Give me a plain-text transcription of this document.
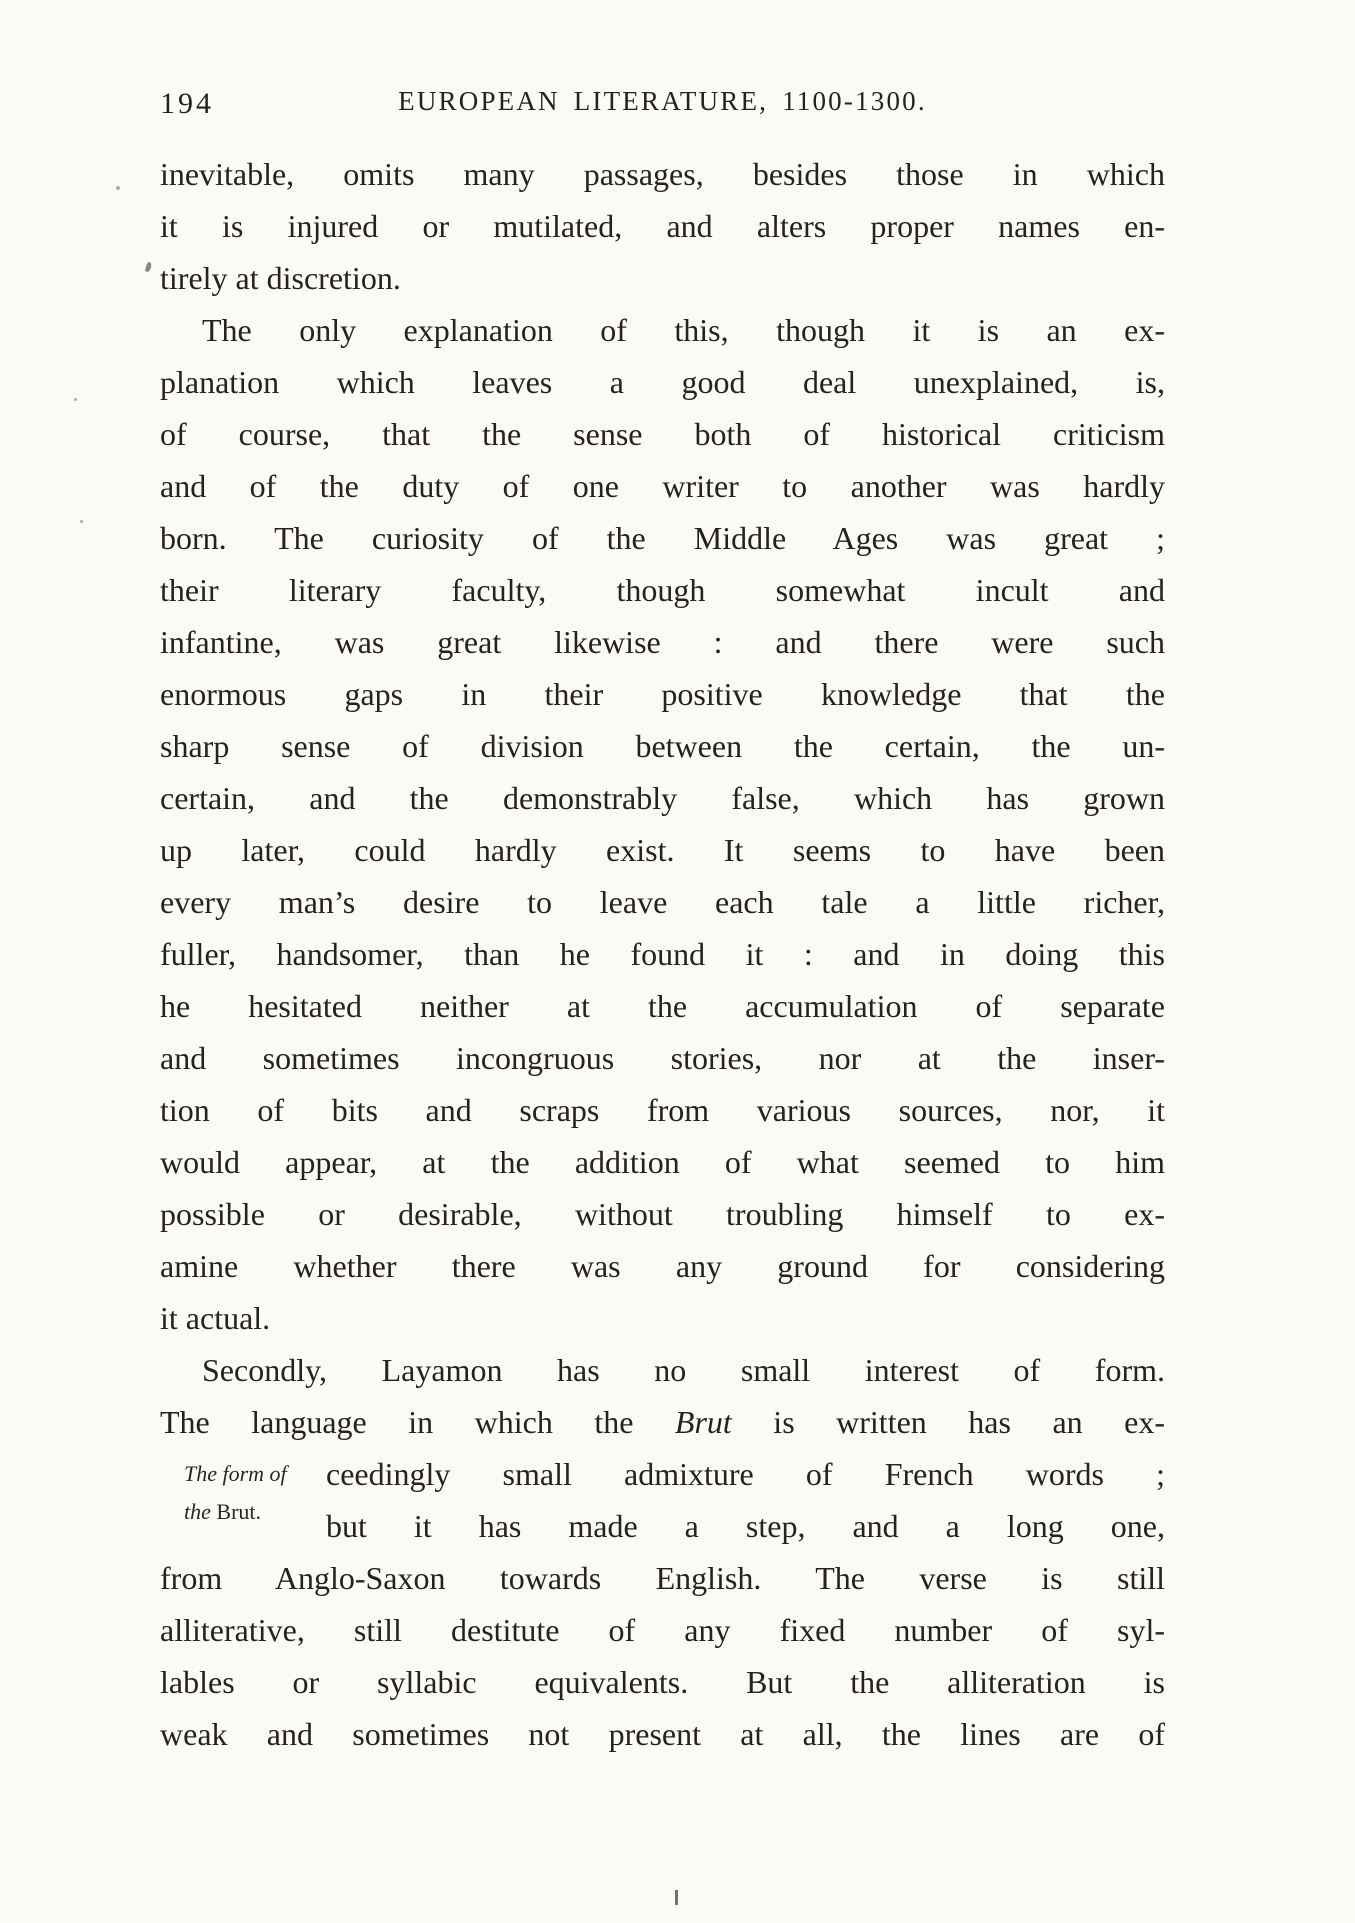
194	EUROPEAN LITERATURE, 1100-1300.
inevitable, omits many passages, besides those in which
it is injured or mutilated, and alters proper names en-
tirely at discretion.
The only explanation of this, though it is an ex-
planation which leaves a good deal unexplained, is,
of course, that the sense both of historical criticism
and of the duty of one writer to another was hardly
born. The curiosity of the Middle Ages was great ;
their literary faculty, though somewhat incult and
infantine, was great likewise : and there were such
enormous gaps in their positive knowledge that the
sharp sense of division between the certain, the un-
certain, and the demonstrably false, which has grown
up later, could hardly exist. It seems to have been
every man’s desire to leave each tale a little richer,
fuller, handsomer, than he found it : and in doing this
he hesitated neither at the accumulation of separate
and sometimes incongruous stories, nor at the inser-
tion of bits and scraps from various sources, nor, it
would appear, at the addition of what seemed to him
possible or desirable, without troubling himself to ex-
amine whether there was any ground for considering
it actual.
Secondly, Layamon has no small interest of form.
The language in which the Brut is written has an ex-
The form of
the Brut.
ceedingly small admixture of French words ;
but it has made a step, and a long one,
from Anglo-Saxon towards English. The verse is still
alliterative, still destitute of any fixed number of syl-
lables or syllabic equivalents. But the alliteration is
weak and sometimes not present at all, the lines are of
